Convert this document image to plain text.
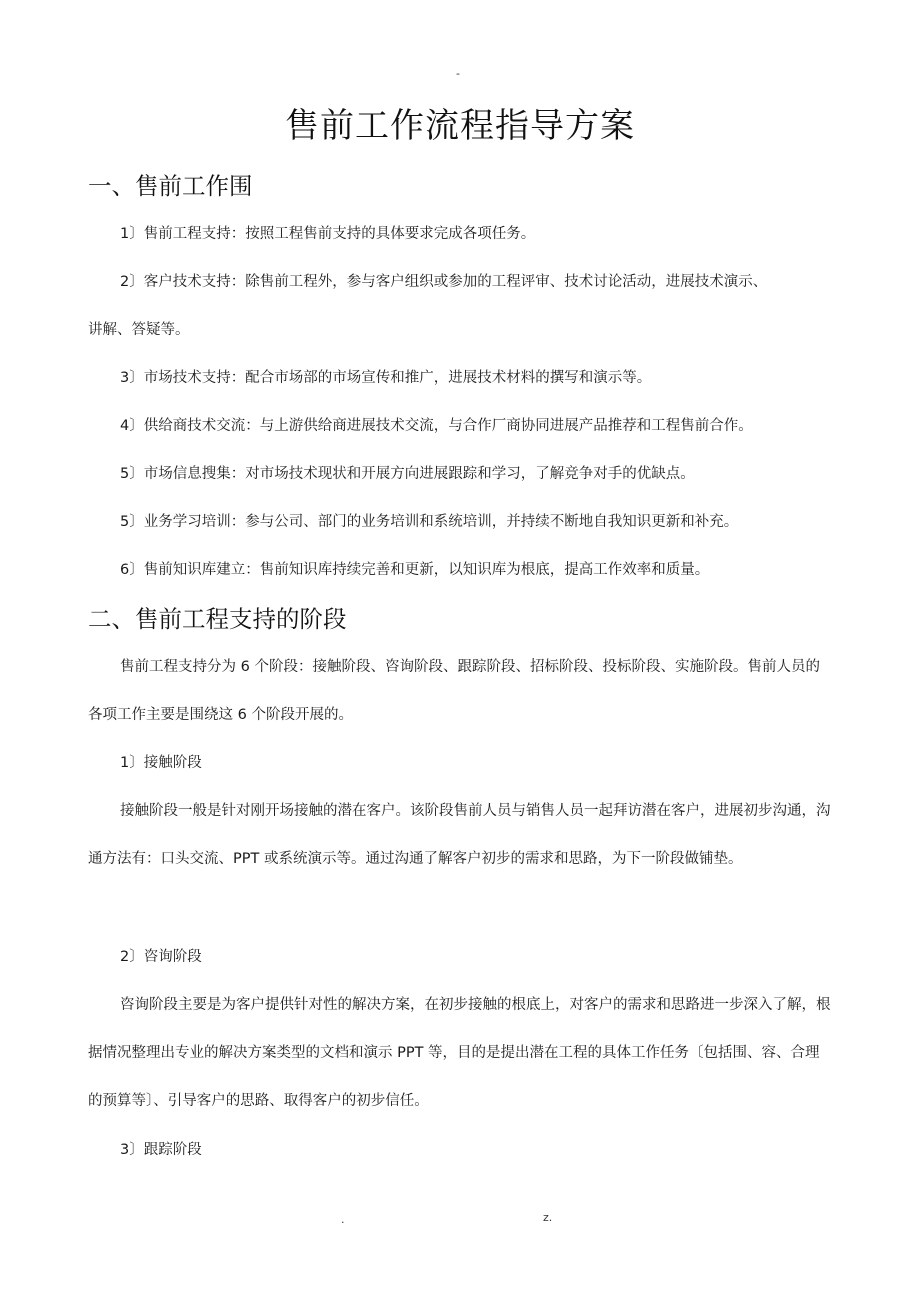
-
售前工作流程指导方案
一、售前工作围
1〕售前工程支持：按照工程售前支持的具体要求完成各项任务。
2〕客户技术支持：除售前工程外，参与客户组织或参加的工程评审、技术讨论活动，进展技术演示、
讲解、答疑等。
3〕市场技术支持：配合市场部的市场宣传和推广，进展技术材料的撰写和演示等。
4〕供给商技术交流：与上游供给商进展技术交流，与合作厂商协同进展产品推荐和工程售前合作。
5〕市场信息搜集：对市场技术现状和开展方向进展跟踪和学习，了解竞争对手的优缺点。
5〕业务学习培训：参与公司、部门的业务培训和系统培训，并持续不断地自我知识更新和补充。
6〕售前知识库建立：售前知识库持续完善和更新，以知识库为根底，提高工作效率和质量。
二、售前工程支持的阶段
售前工程支持分为 6 个阶段：接触阶段、咨询阶段、跟踪阶段、招标阶段、投标阶段、实施阶段。售前人员的各项工作主要是围绕这 6 个阶段开展的。
1〕接触阶段
接触阶段一般是针对刚开场接触的潜在客户。该阶段售前人员与销售人员一起拜访潜在客户，进展初步沟通，沟通方法有：口头交流、PPT 或系统演示等。通过沟通了解客户初步的需求和思路，为下一阶段做铺垫。
2〕咨询阶段
咨询阶段主要是为客户提供针对性的解决方案，在初步接触的根底上，对客户的需求和思路进一步深入了解，根据情况整理出专业的解决方案类型的文档和演示 PPT 等，目的是提出潜在工程的具体工作任务〔包括围、容、合理的预算等〕、引导客户的思路、取得客户的初步信任。
3〕跟踪阶段
.	z.
